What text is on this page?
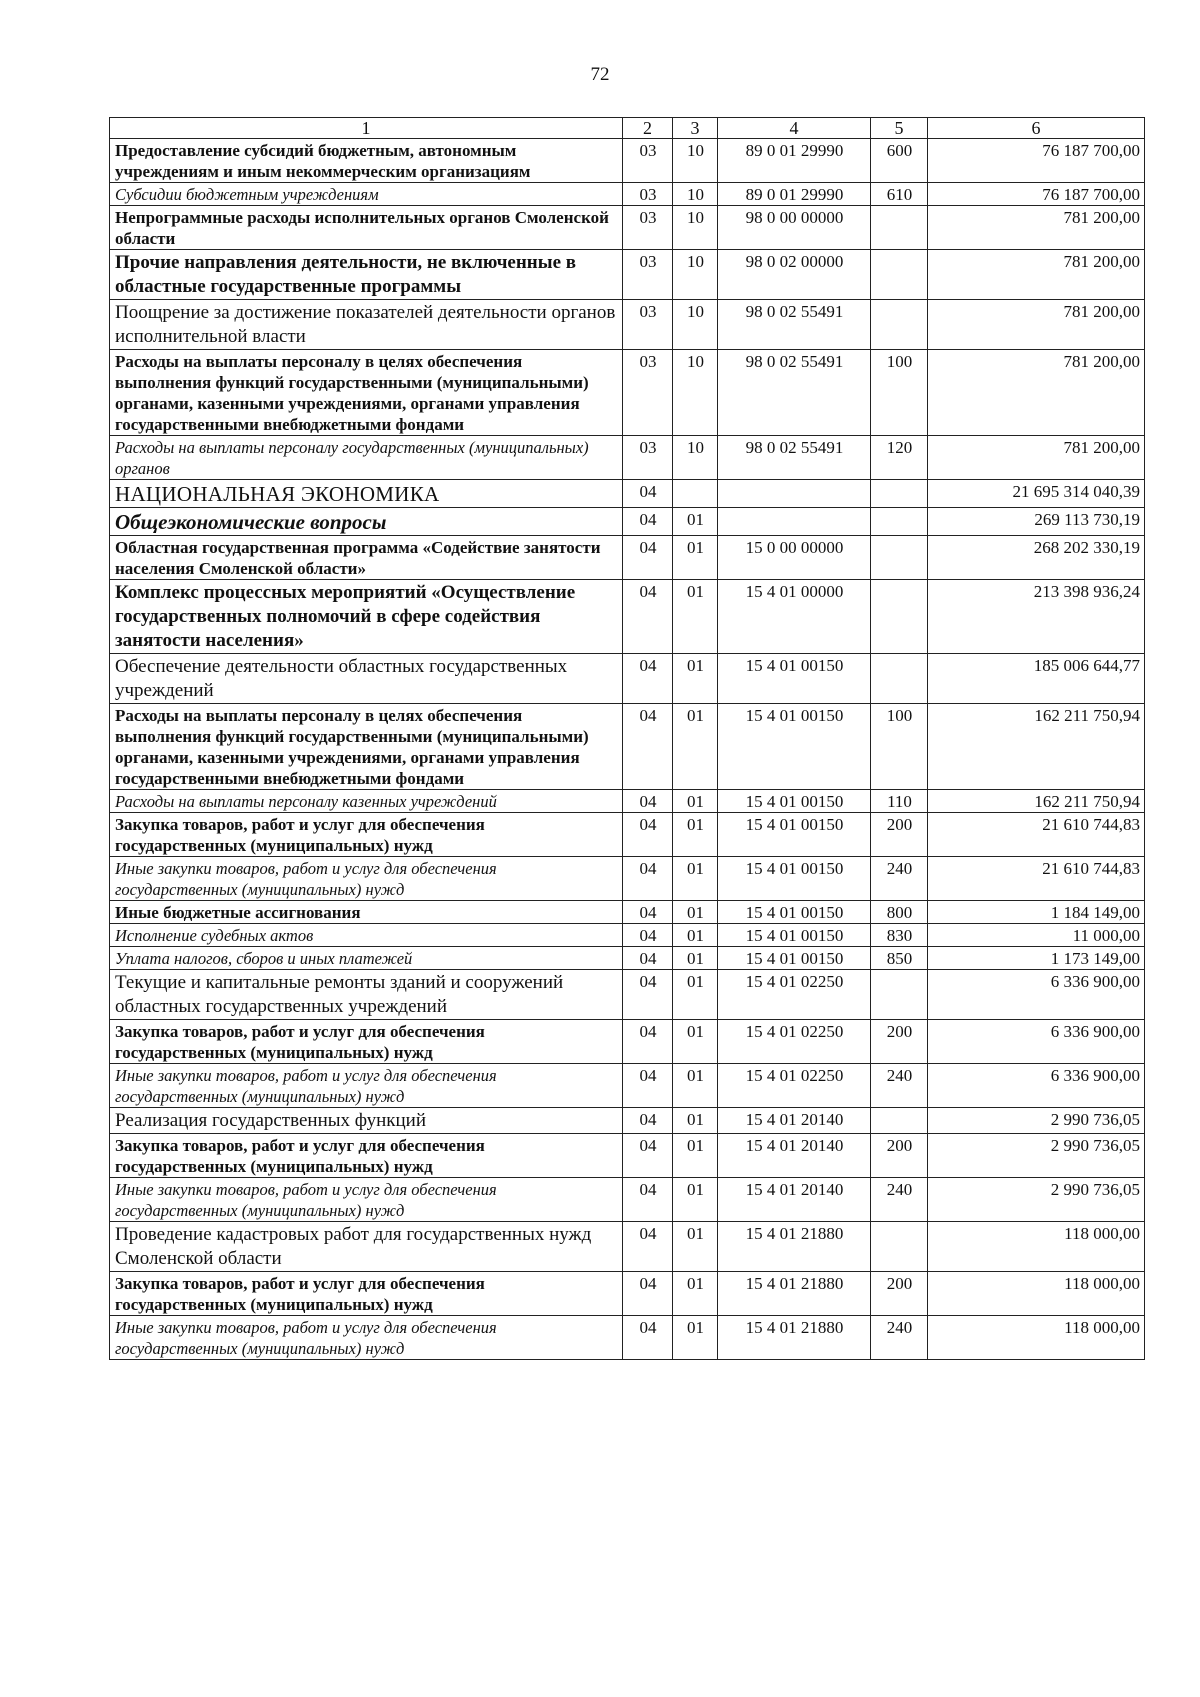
72
1	2	3	4	5	6
Предоставление субсидий бюджетным, автономным учреждениям и иным некоммерческим организациям	03	10	89 0 01 29990	600	76 187 700,00
Субсидии бюджетным учреждениям	03	10	89 0 01 29990	610	76 187 700,00
Непрограммные расходы исполнительных органов Смоленской области	03	10	98 0 00 00000		781 200,00
Прочие направления деятельности, не включенные в областные государственные программы	03	10	98 0 02 00000		781 200,00
Поощрение за достижение показателей деятельности органов исполнительной власти	03	10	98 0 02 55491		781 200,00
Расходы на выплаты персоналу в целях обеспечения выполнения функций государственными (муниципальными) органами, казенными учреждениями, органами управления государственными внебюджетными фондами	03	10	98 0 02 55491	100	781 200,00
Расходы на выплаты персоналу государственных (муниципальных) органов	03	10	98 0 02 55491	120	781 200,00
НАЦИОНАЛЬНАЯ ЭКОНОМИКА	04				21 695 314 040,39
Общеэкономические вопросы	04	01			269 113 730,19
Областная государственная программа «Содействие занятости населения Смоленской области»	04	01	15 0 00 00000		268 202 330,19
Комплекс процессных мероприятий «Осуществление государственных полномочий в сфере содействия занятости населения»	04	01	15 4 01 00000		213 398 936,24
Обеспечение деятельности областных государственных учреждений	04	01	15 4 01 00150		185 006 644,77
Расходы на выплаты персоналу в целях обеспечения выполнения функций государственными (муниципальными) органами, казенными учреждениями, органами управления государственными внебюджетными фондами	04	01	15 4 01 00150	100	162 211 750,94
Расходы на выплаты персоналу казенных учреждений	04	01	15 4 01 00150	110	162 211 750,94
Закупка товаров, работ и услуг для обеспечения государственных (муниципальных) нужд	04	01	15 4 01 00150	200	21 610 744,83
Иные закупки товаров, работ и услуг для обеспечения государственных (муниципальных) нужд	04	01	15 4 01 00150	240	21 610 744,83
Иные бюджетные ассигнования	04	01	15 4 01 00150	800	1 184 149,00
Исполнение судебных актов	04	01	15 4 01 00150	830	11 000,00
Уплата налогов, сборов и иных платежей	04	01	15 4 01 00150	850	1 173 149,00
Текущие и капитальные ремонты зданий и сооружений областных государственных учреждений	04	01	15 4 01 02250		6 336 900,00
Закупка товаров, работ и услуг для обеспечения государственных (муниципальных) нужд	04	01	15 4 01 02250	200	6 336 900,00
Иные закупки товаров, работ и услуг для обеспечения государственных (муниципальных) нужд	04	01	15 4 01 02250	240	6 336 900,00
Реализация государственных функций	04	01	15 4 01 20140		2 990 736,05
Закупка товаров, работ и услуг для обеспечения государственных (муниципальных) нужд	04	01	15 4 01 20140	200	2 990 736,05
Иные закупки товаров, работ и услуг для обеспечения государственных (муниципальных) нужд	04	01	15 4 01 20140	240	2 990 736,05
Проведение кадастровых работ для государственных нужд Смоленской области	04	01	15 4 01 21880		118 000,00
Закупка товаров, работ и услуг для обеспечения государственных (муниципальных) нужд	04	01	15 4 01 21880	200	118 000,00
Иные закупки товаров, работ и услуг для обеспечения государственных (муниципальных) нужд	04	01	15 4 01 21880	240	118 000,00
